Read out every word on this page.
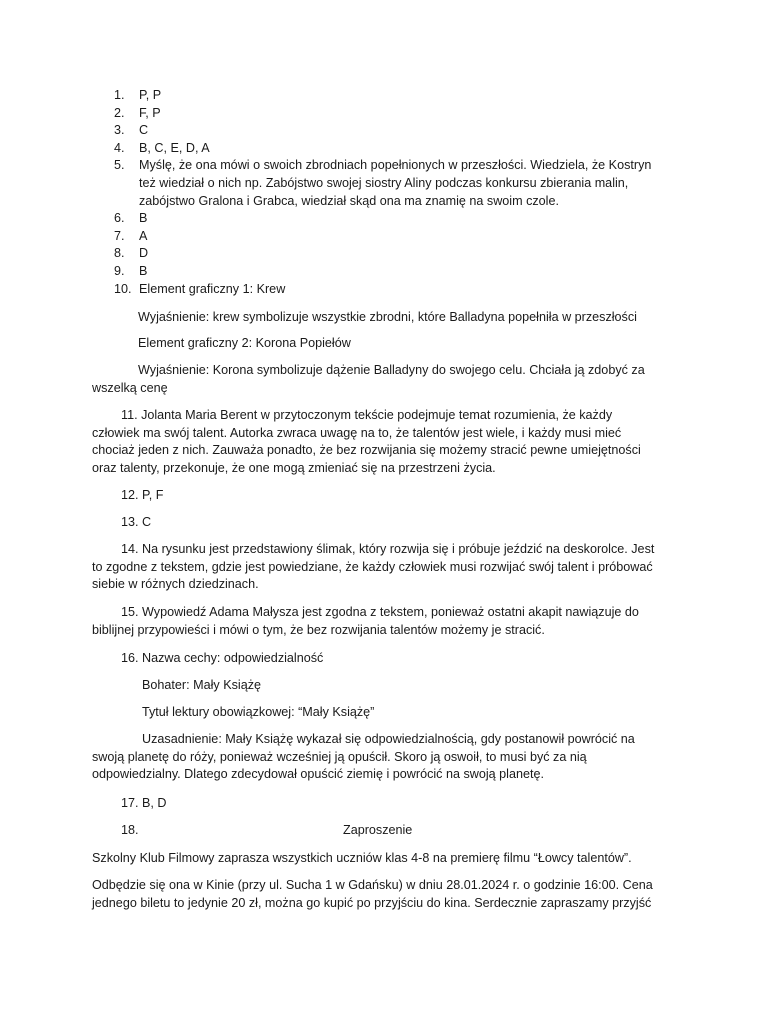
1.	P, P
2.	F, P
3.	C
4.	B, C, E, D, A
5.	Myślę, że ona mówi o swoich zbrodniach popełnionych w przeszłości. Wiedziela, że Kostryn
też wiedział o nich np. Zabójstwo swojej siostry Aliny podczas konkursu zbierania malin,
zabójstwo Gralona i Grabca, wiedział skąd ona ma znamię na swoim czole.
6.	B
7.	A
8.	D
9.	B
10. Element graficzny 1: Krew
Wyjaśnienie: krew symbolizuje wszystkie zbrodni, które Balladyna popełniła w przeszłości
Element graficzny 2: Korona Popiełów
Wyjaśnienie: Korona symbolizuje dążenie Balladyny do swojego celu. Chciała ją zdobyć za
wszelką cenę
11. Jolanta Maria Berent w przytoczonym tekście podejmuje temat rozumienia, że każdy
człowiek ma swój talent. Autorka zwraca uwagę na to, że talentów jest wiele, i każdy musi mieć
chociaż jeden z nich. Zauważa ponadto, że bez rozwijania się możemy stracić pewne umiejętności
oraz talenty, przekonuje, że one mogą zmieniać się na przestrzeni życia.
12. P, F
13. C
14. Na rysunku jest przedstawiony ślimak, który rozwija się i próbuje jeździć na deskorolce. Jest
to zgodne z tekstem, gdzie jest powiedziane, że każdy człowiek musi rozwijać swój talent i próbować
siebie w różnych dziedzinach.
15. Wypowiedź Adama Małysza jest zgodna z tekstem, ponieważ ostatni akapit nawiązuje do
biblijnej przypowieści i mówi o tym, że bez rozwijania talentów możemy je stracić.
16. Nazwa cechy: odpowiedzialność
Bohater: Mały Książę
Tytuł lektury obowiązkowej: “Mały Książę”
Uzasadnienie: Mały Książę wykazał się odpowiedzialnością, gdy postanowił powrócić na
swoją planetę do róży, ponieważ wcześniej ją opuścił. Skoro ją oswoił, to musi być za nią
odpowiedzialny. Dlatego zdecydował opuścić ziemię i powrócić na swoją planetę.
17. B, D
18.	Zaproszenie
Szkolny Klub Filmowy zaprasza wszystkich uczniów klas 4-8 na premierę filmu “Łowcy talentów”.
Odbędzie się ona w Kinie (przy ul. Sucha 1 w Gdańsku) w dniu 28.01.2024 r. o godzinie 16:00. Cena
jednego biletu to jedynie 20 zł, można go kupić po przyjściu do kina. Serdecznie zapraszamy przyjść
